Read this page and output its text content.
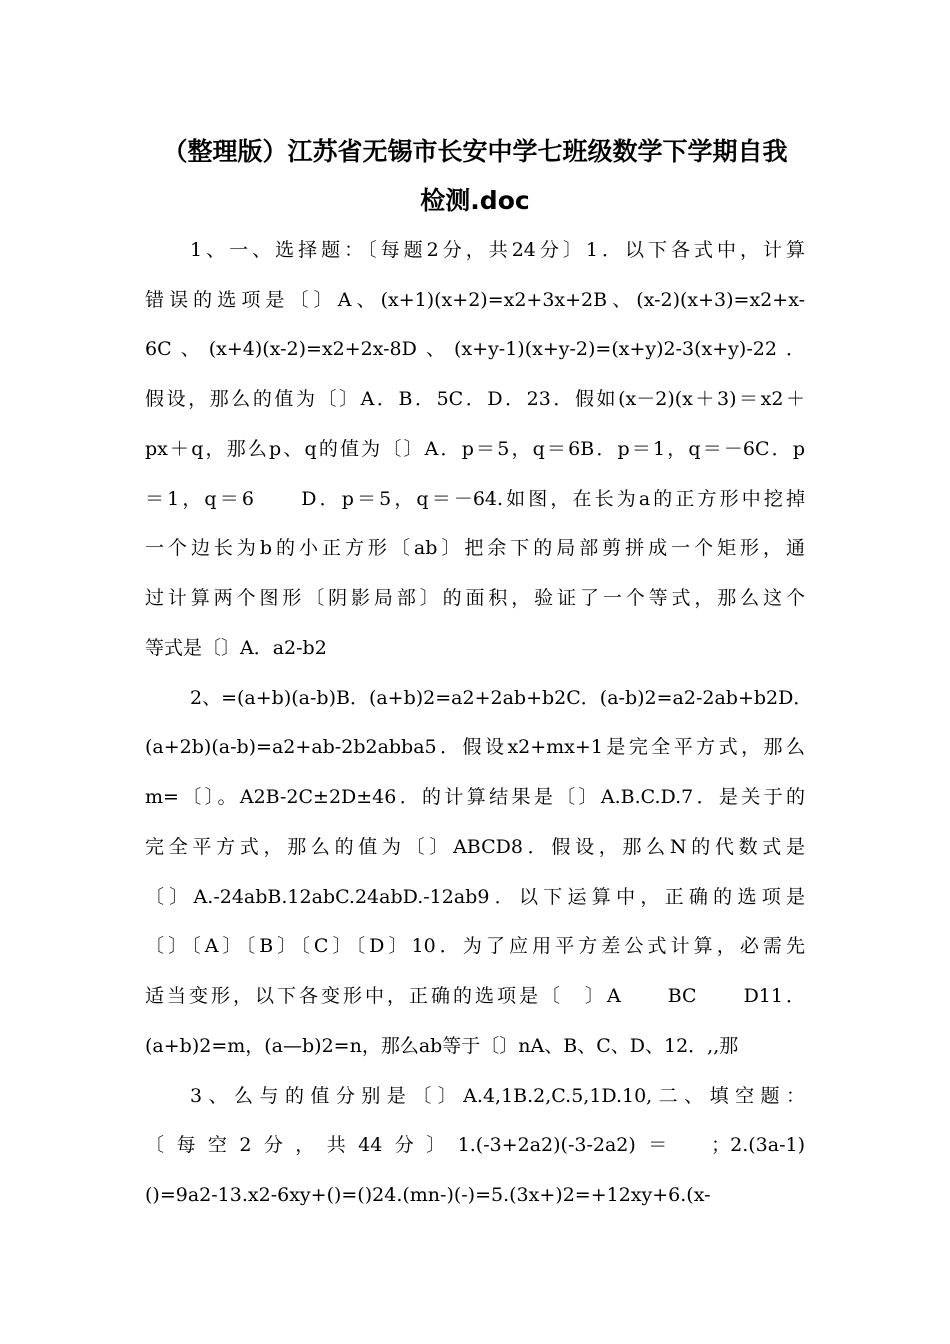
（整理版）江苏省无锡市长安中学七班级数学下学期自我
检测.doc
1、一、选择题：〔每题2分，共24分〕1．以下各式中，计算
错误的选项是〔〕A、(x+1)(x+2)=x2+3x+2B、(x-2)(x+3)=x2+x-
6C、(x+4)(x-2)=x2+2x-8D、(x+y-1)(x+y-2)=(x+y)2-3(x+y)-22．
假设，那么的值为〔〕A．B．5C．D．23．假如(x－2)(x＋3)＝x2＋
px＋q，那么p、q的值为〔〕A．p＝5，q＝6B．p＝1，q＝－6C．p
＝1，q＝6　　D．p＝5，q＝－64.如图，在长为a的正方形中挖掉
一个边长为b的小正方形〔ab〕把余下的局部剪拼成一个矩形，通
过计算两个图形〔阴影局部〕的面积，验证了一个等式，那么这个
等式是〔〕A．a2-b2
2、=(a+b)(a-b)B．(a+b)2=a2+2ab+b2C．(a-b)2=a2-2ab+b2D．
(a+2b)(a-b)=a2+ab-2b2abba5．假设x2+mx+1是完全平方式，那么
m=〔〕。A2B-2C±2D±46．的计算结果是〔〕A.B.C.D.7．是关于的
完全平方式，那么的值为〔〕ABCD8．假设，那么N的代数式是
〔〕A.-24abB.12abC.24abD.-12ab9．以下运算中，正确的选项是
〔〕〔A〕〔B〕〔C〕〔D〕10．为了应用平方差公式计算，必需先
适当变形，以下各变形中，正确的选项是〔　〕A　　BC　　D11．
(a+b)2=m，(a—b)2=n，那么ab等于〔〕nA、B、C、D、12．,,那
3、么与的值分别是〔〕A.4,1B.2,C.5,1D.10,二、填空题：
〔每空2分，共44分〕1.(-3+2a2)(-3-2a2)＝　；2.(3a-1)
()=9a2-13.x2-6xy+()=()24.(mn-)(-)=5.(3x+)2=+12xy+6.(x-
